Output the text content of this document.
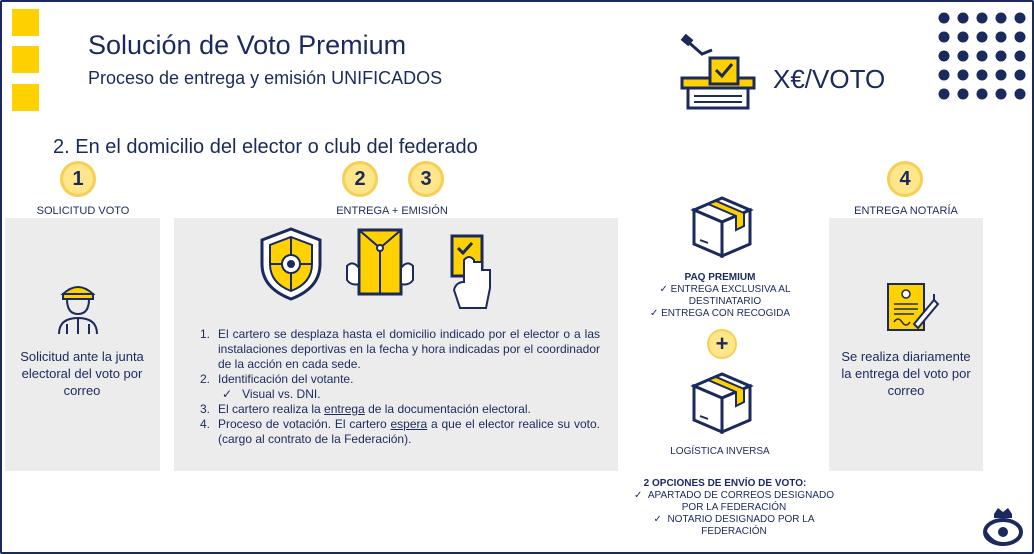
Solución de Voto Premium
Proceso de entrega y emisión UNIFICADOS	X€/VOTO
2. En el domicilio del elector o club del federado
1	2	3	4
SOLICITUD VOTO	ENTREGA + EMISIÓN	ENTREGA NOTARÍA
Solicitud ante la junta electoral del voto por correo
1. El cartero se desplaza hasta el domicilio indicado por el elector o a las instalaciones deportivas en la fecha y hora indicadas por el coordinador de la acción en cada sede.
2. Identificación del votante.
✓ Visual vs. DNI.
3. El cartero realiza la entrega de la documentación electoral.
4. Proceso de votación. El cartero espera a que el elector realice su voto. (cargo al contrato de la Federación).
PAQ PREMIUM
✓ ENTREGA EXCLUSIVA AL DESTINATARIO
✓ ENTREGA CON RECOGIDA
+
LOGÍSTICA INVERSA
2 OPCIONES DE ENVÍO DE VOTO:
✓ APARTADO DE CORREOS DESIGNADO POR LA FEDERACIÓN
✓ NOTARIO DESIGNADO POR LA FEDERACIÓN
Se realiza diariamente la entrega del voto por correo
